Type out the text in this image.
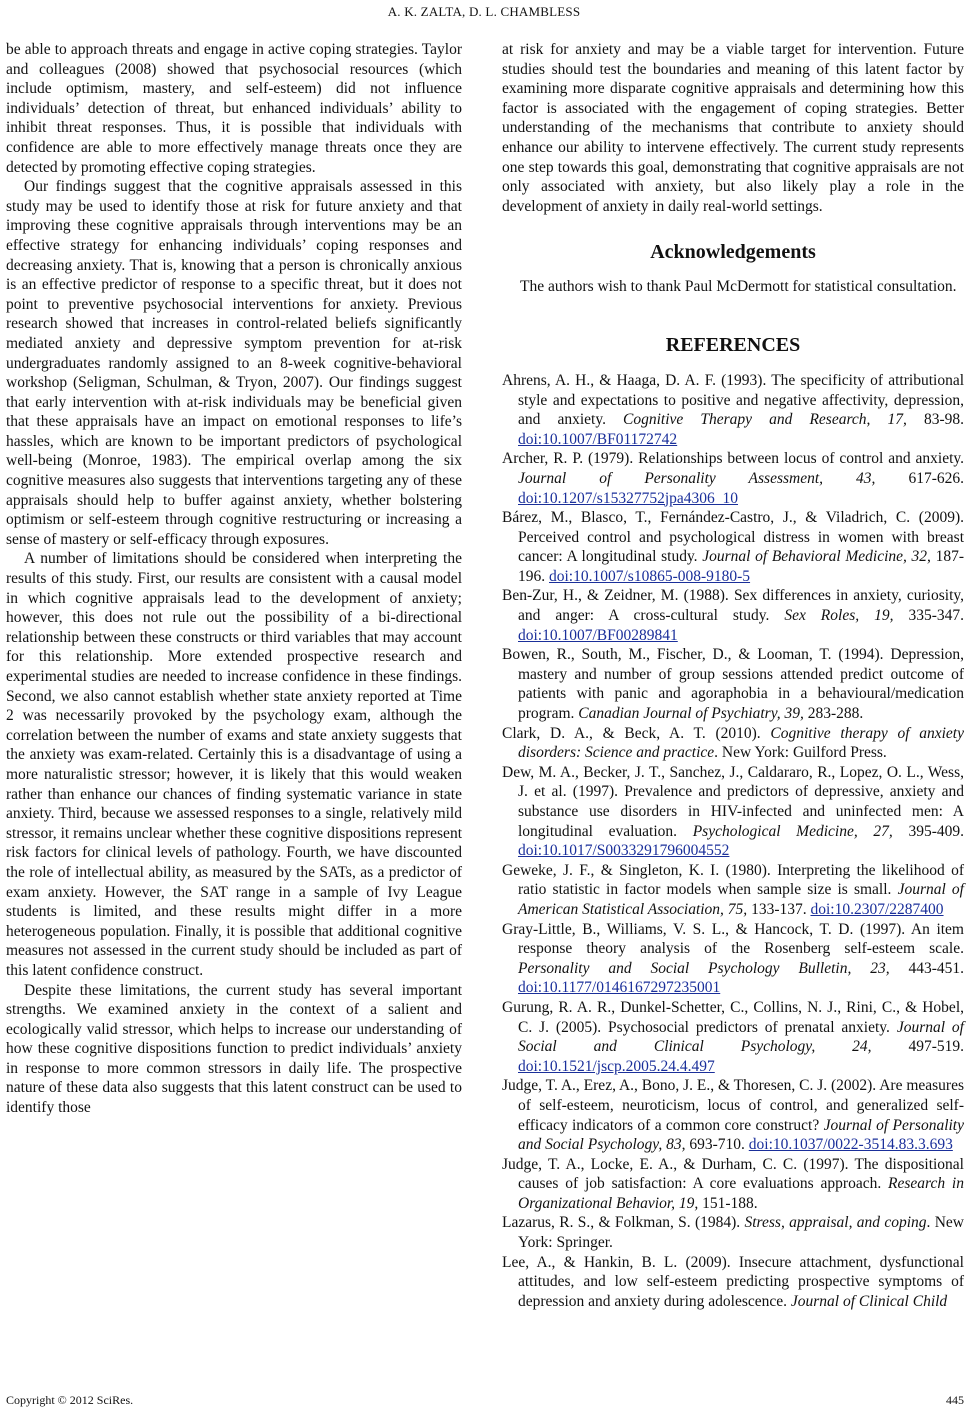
A. K. ZALTA, D. L. CHAMBLESS

be able to approach threats and engage in active coping strategies. Taylor and colleagues (2008) showed that psychosocial resources (which include optimism, mastery, and self-esteem) did not influence individuals’ detection of threat, but enhanced individuals’ ability to inhibit threat responses. Thus, it is possible that individuals with confidence are able to more effectively manage threats once they are detected by promoting effective coping strategies.

Our findings suggest that the cognitive appraisals assessed in this study may be used to identify those at risk for future anxiety and that improving these cognitive appraisals through interventions may be an effective strategy for enhancing individuals’ coping responses and decreasing anxiety. That is, knowing that a person is chronically anxious is an effective predictor of response to a specific threat, but it does not point to preventive psychosocial interventions for anxiety. Previous research showed that increases in control-related beliefs significantly mediated anxiety and depressive symptom prevention for at-risk undergraduates randomly assigned to an 8-week cognitive-behavioral workshop (Seligman, Schulman, & Tryon, 2007). Our findings suggest that early intervention with at-risk individuals may be beneficial given that these appraisals have an impact on emotional responses to life’s hassles, which are known to be important predictors of psychological well-being (Monroe, 1983). The empirical overlap among the six cognitive measures also suggests that interventions targeting any of these appraisals should help to buffer against anxiety, whether bolstering optimism or self-esteem through cognitive restructuring or increasing a sense of mastery or self-efficacy through exposures.

A number of limitations should be considered when interpreting the results of this study. First, our results are consistent with a causal model in which cognitive appraisals lead to the development of anxiety; however, this does not rule out the possibility of a bi-directional relationship between these constructs or third variables that may account for this relationship. More extended prospective research and experimental studies are needed to increase confidence in these findings. Second, we also cannot establish whether state anxiety reported at Time 2 was necessarily provoked by the psychology exam, although the correlation between the number of exams and state anxiety suggests that the anxiety was exam-related. Certainly this is a disadvantage of using a more naturalistic stressor; however, it is likely that this would weaken rather than enhance our chances of finding systematic variance in state anxiety. Third, because we assessed responses to a single, relatively mild stressor, it remains unclear whether these cognitive dispositions represent risk factors for clinical levels of pathology. Fourth, we have discounted the role of intellectual ability, as measured by the SATs, as a predictor of exam anxiety. However, the SAT range in a sample of Ivy League students is limited, and these results might differ in a more heterogeneous population. Finally, it is possible that additional cognitive measures not assessed in the current study should be included as part of this latent confidence construct.

Despite these limitations, the current study has several important strengths. We examined anxiety in the context of a salient and ecologically valid stressor, which helps to increase our understanding of how these cognitive dispositions function to predict individuals’ anxiety in response to more common stressors in daily life. The prospective nature of these data also suggests that this latent construct can be used to identify those

at risk for anxiety and may be a viable target for intervention. Future studies should test the boundaries and meaning of this latent factor by examining more disparate cognitive appraisals and determining how this factor is associated with the engagement of coping strategies. Better understanding of the mechanisms that contribute to anxiety should enhance our ability to intervene effectively. The current study represents one step towards this goal, demonstrating that cognitive appraisals are not only associated with anxiety, but also likely play a role in the development of anxiety in daily real-world settings.

Acknowledgements

The authors wish to thank Paul McDermott for statistical consultation.

REFERENCES

Ahrens, A. H., & Haaga, D. A. F. (1993). The specificity of attributional style and expectations to positive and negative affectivity, depression, and anxiety. Cognitive Therapy and Research, 17, 83-98. doi:10.1007/BF01172742

Archer, R. P. (1979). Relationships between locus of control and anxiety. Journal of Personality Assessment, 43, 617-626. doi:10.1207/s15327752jpa4306_10

Bárez, M., Blasco, T., Fernández-Castro, J., & Viladrich, C. (2009). Perceived control and psychological distress in women with breast cancer: A longitudinal study. Journal of Behavioral Medicine, 32, 187-196. doi:10.1007/s10865-008-9180-5

Ben-Zur, H., & Zeidner, M. (1988). Sex differences in anxiety, curiosity, and anger: A cross-cultural study. Sex Roles, 19, 335-347. doi:10.1007/BF00289841

Bowen, R., South, M., Fischer, D., & Looman, T. (1994). Depression, mastery and number of group sessions attended predict outcome of patients with panic and agoraphobia in a behavioural/medication program. Canadian Journal of Psychiatry, 39, 283-288.

Clark, D. A., & Beck, A. T. (2010). Cognitive therapy of anxiety disorders: Science and practice. New York: Guilford Press.

Dew, M. A., Becker, J. T., Sanchez, J., Caldararo, R., Lopez, O. L., Wess, J. et al. (1997). Prevalence and predictors of depressive, anxiety and substance use disorders in HIV-infected and uninfected men: A longitudinal evaluation. Psychological Medicine, 27, 395-409. doi:10.1017/S0033291796004552

Geweke, J. F., & Singleton, K. I. (1980). Interpreting the likelihood of ratio statistic in factor models when sample size is small. Journal of American Statistical Association, 75, 133-137. doi:10.2307/2287400

Gray-Little, B., Williams, V. S. L., & Hancock, T. D. (1997). An item response theory analysis of the Rosenberg self-esteem scale. Personality and Social Psychology Bulletin, 23, 443-451. doi:10.1177/0146167297235001

Gurung, R. A. R., Dunkel-Schetter, C., Collins, N. J., Rini, C., & Hobel, C. J. (2005). Psychosocial predictors of prenatal anxiety. Journal of Social and Clinical Psychology, 24, 497-519. doi:10.1521/jscp.2005.24.4.497

Judge, T. A., Erez, A., Bono, J. E., & Thoresen, C. J. (2002). Are measures of self-esteem, neuroticism, locus of control, and generalized self-efficacy indicators of a common core construct? Journal of Personality and Social Psychology, 83, 693-710. doi:10.1037/0022-3514.83.3.693

Judge, T. A., Locke, E. A., & Durham, C. C. (1997). The dispositional causes of job satisfaction: A core evaluations approach. Research in Organizational Behavior, 19, 151-188.

Lazarus, R. S., & Folkman, S. (1984). Stress, appraisal, and coping. New York: Springer.

Lee, A., & Hankin, B. L. (2009). Insecure attachment, dysfunctional attitudes, and low self-esteem predicting prospective symptoms of depression and anxiety during adolescence. Journal of Clinical Child

Copyright © 2012 SciRes.	445
